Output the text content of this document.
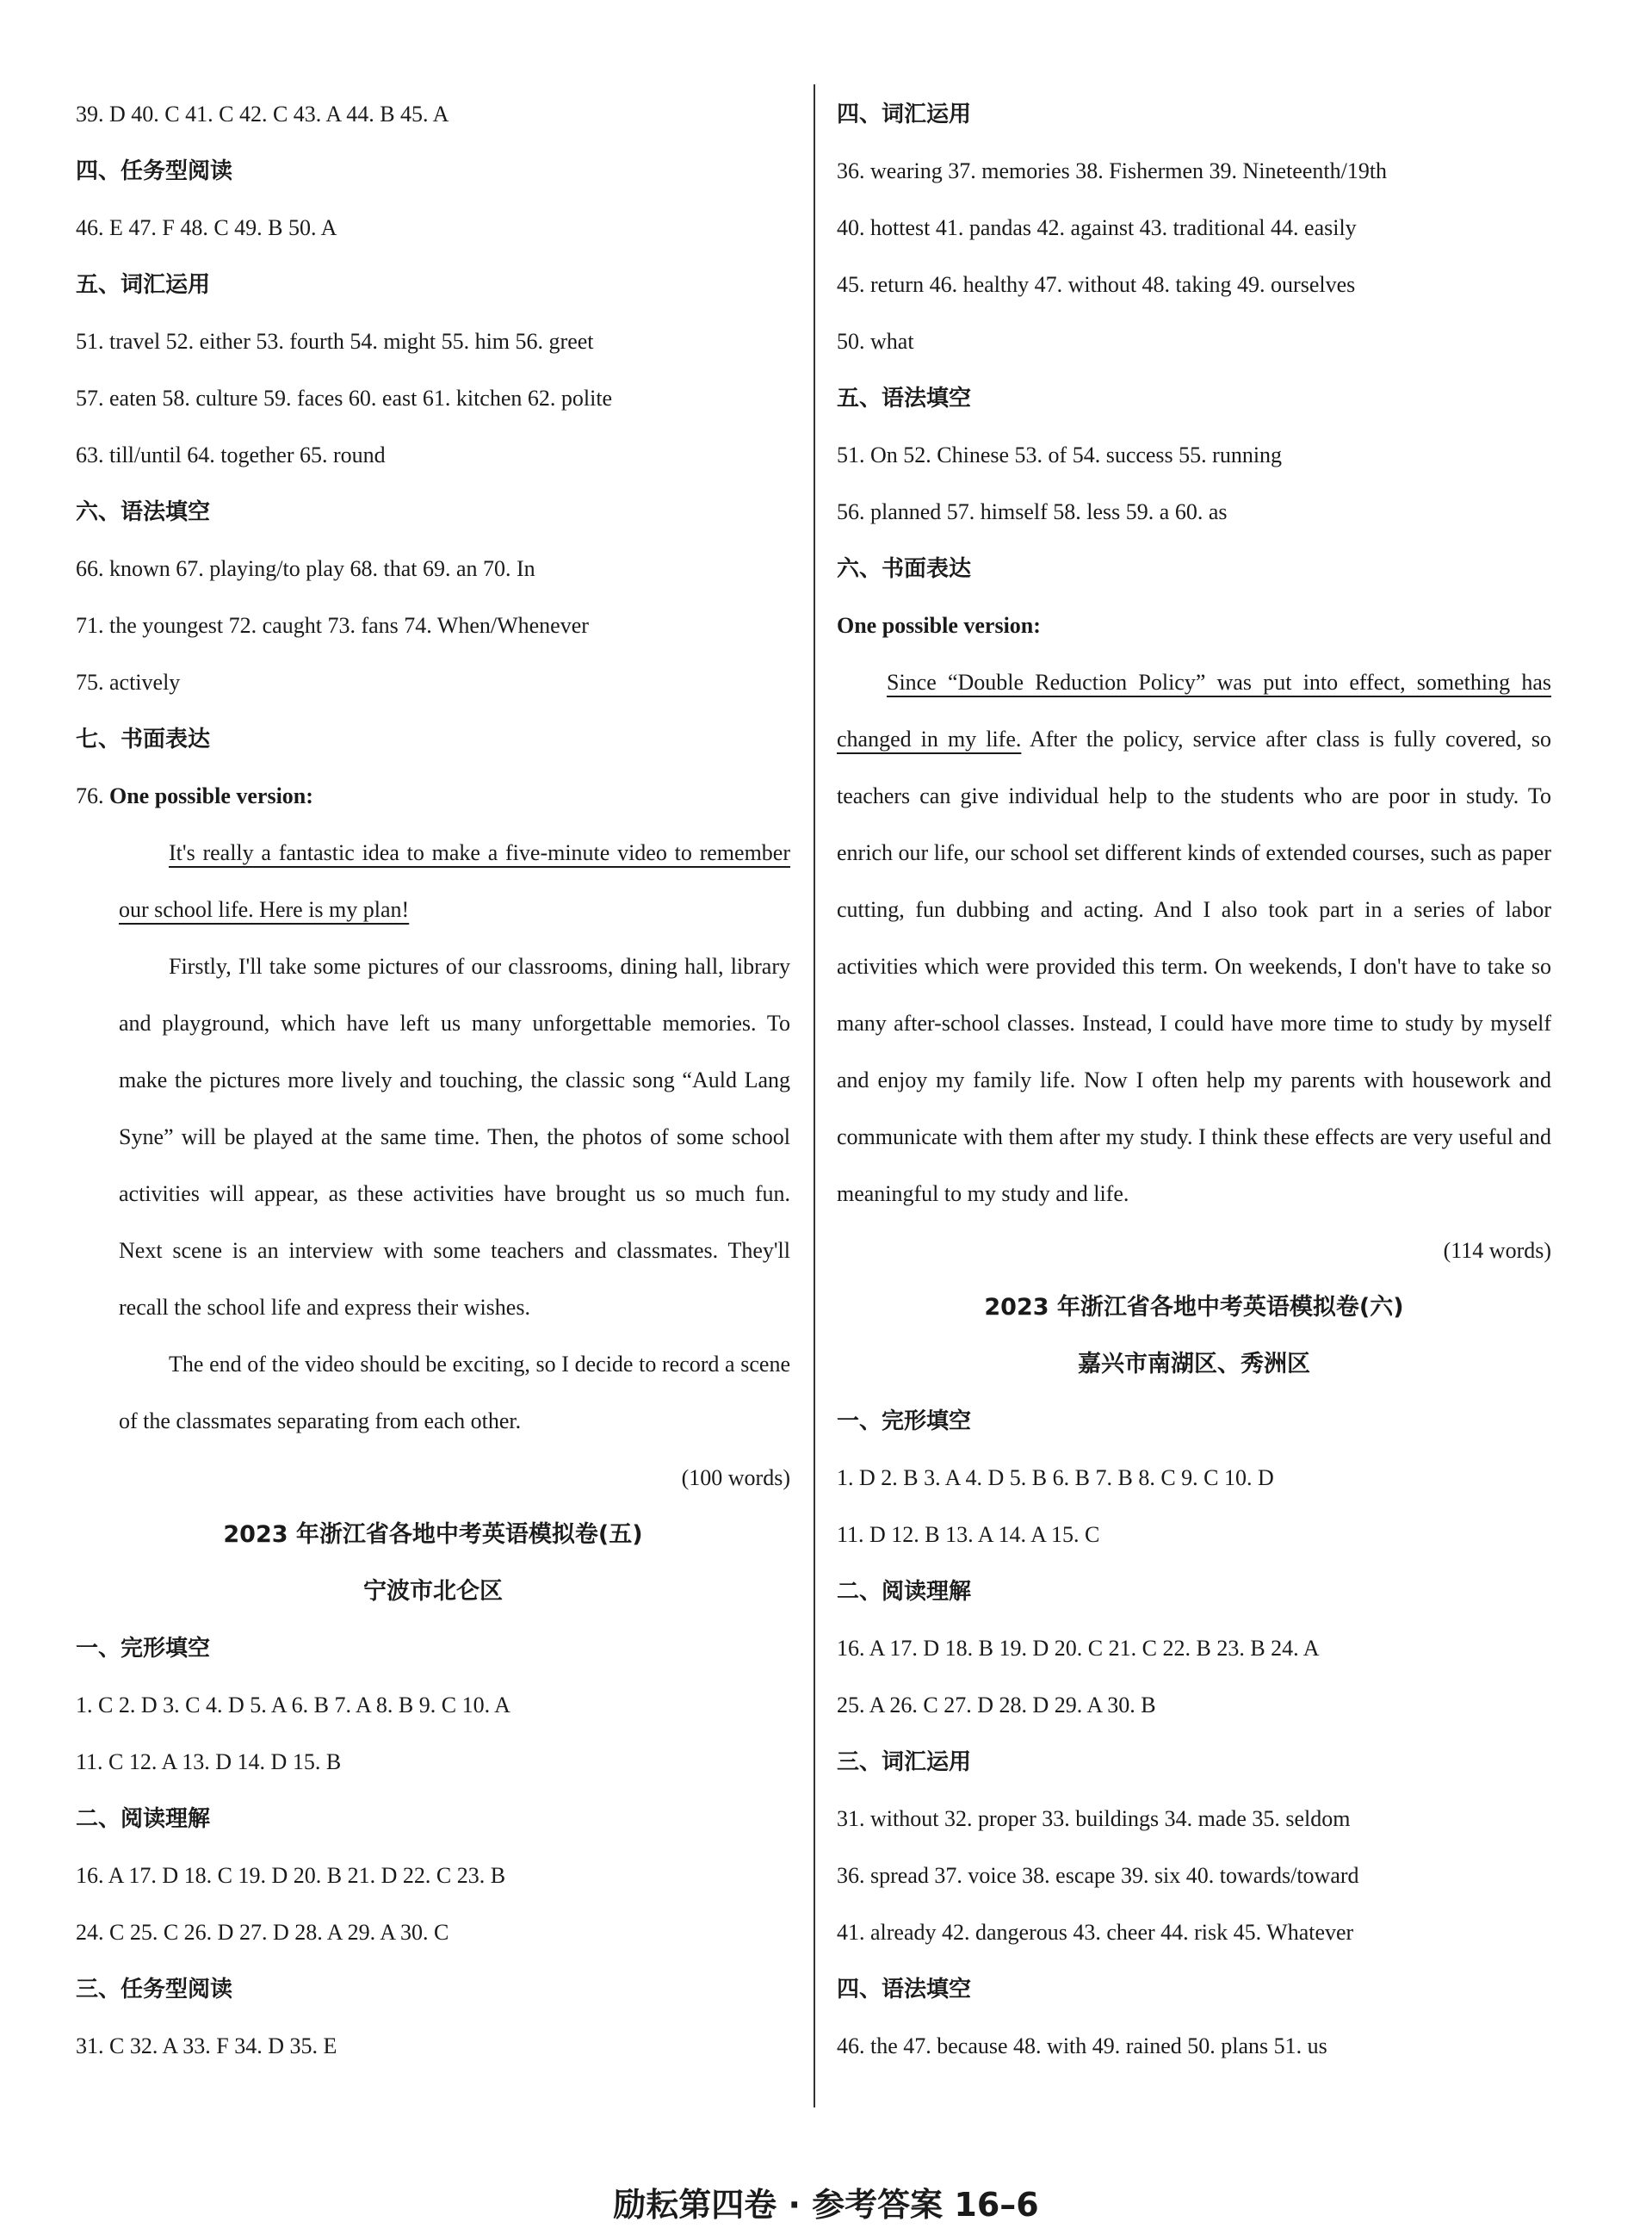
39. D 40. C 41. C 42. C 43. A 44. B 45. A
四、任务型阅读
46. E 47. F 48. C 49. B 50. A
五、词汇运用
51. travel 52. either 53. fourth 54. might 55. him 56. greet
57. eaten 58. culture 59. faces 60. east 61. kitchen 62. polite
63. till/until 64. together 65. round
六、语法填空
66. known 67. playing/to play 68. that 69. an 70. In
71. the youngest 72. caught 73. fans 74. When/Whenever
75. actively
七、书面表达
76. One possible version:

It's really a fantastic idea to make a five-minute video to remember our school life. Here is my plan!

Firstly, I'll take some pictures of our classrooms, dining hall, library and playground, which have left us many unforgettable memories. To make the pictures more lively and touching, the classic song “Auld Lang Syne” will be played at the same time. Then, the photos of some school activities will appear, as these activities have brought us so much fun. Next scene is an interview with some teachers and classmates. They'll recall the school life and express their wishes.

The end of the video should be exciting, so I decide to record a scene of the classmates separating from each other.

(100 words)
2023 年浙江省各地中考英语模拟卷(五)
宁波市北仑区
一、完形填空
1. C 2. D 3. C 4. D 5. A 6. B 7. A 8. B 9. C 10. A
11. C 12. A 13. D 14. D 15. B
二、阅读理解
16. A 17. D 18. C 19. D 20. B 21. D 22. C 23. B
24. C 25. C 26. D 27. D 28. A 29. A 30. C
三、任务型阅读
31. C 32. A 33. F 34. D 35. E
四、词汇运用
36. wearing 37. memories 38. Fishermen 39. Nineteenth/19th
40. hottest 41. pandas 42. against 43. traditional 44. easily
45. return 46. healthy 47. without 48. taking 49. ourselves
50. what
五、语法填空
51. On 52. Chinese 53. of 54. success 55. running
56. planned 57. himself 58. less 59. a 60. as
六、书面表达
One possible version:

Since “Double Reduction Policy” was put into effect, something has changed in my life. After the policy, service after class is fully covered, so teachers can give individual help to the students who are poor in study. To enrich our life, our school set different kinds of extended courses, such as paper cutting, fun dubbing and acting. And I also took part in a series of labor activities which were provided this term. On weekends, I don't have to take so many after-school classes. Instead, I could have more time to study by myself and enjoy my family life. Now I often help my parents with housework and communicate with them after my study. I think these effects are very useful and meaningful to my study and life.

(114 words)
2023 年浙江省各地中考英语模拟卷(六)
嘉兴市南湖区、秀洲区
一、完形填空
1. D 2. B 3. A 4. D 5. B 6. B 7. B 8. C 9. C 10. D
11. D 12. B 13. A 14. A 15. C
二、阅读理解
16. A 17. D 18. B 19. D 20. C 21. C 22. B 23. B 24. A
25. A 26. C 27. D 28. D 29. A 30. B
三、词汇运用
31. without 32. proper 33. buildings 34. made 35. seldom
36. spread 37. voice 38. escape 39. six 40. towards/toward
41. already 42. dangerous 43. cheer 44. risk 45. Whatever
四、语法填空
46. the 47. because 48. with 49. rained 50. plans 51. us
励耘第四卷 · 参考答案 16–6
